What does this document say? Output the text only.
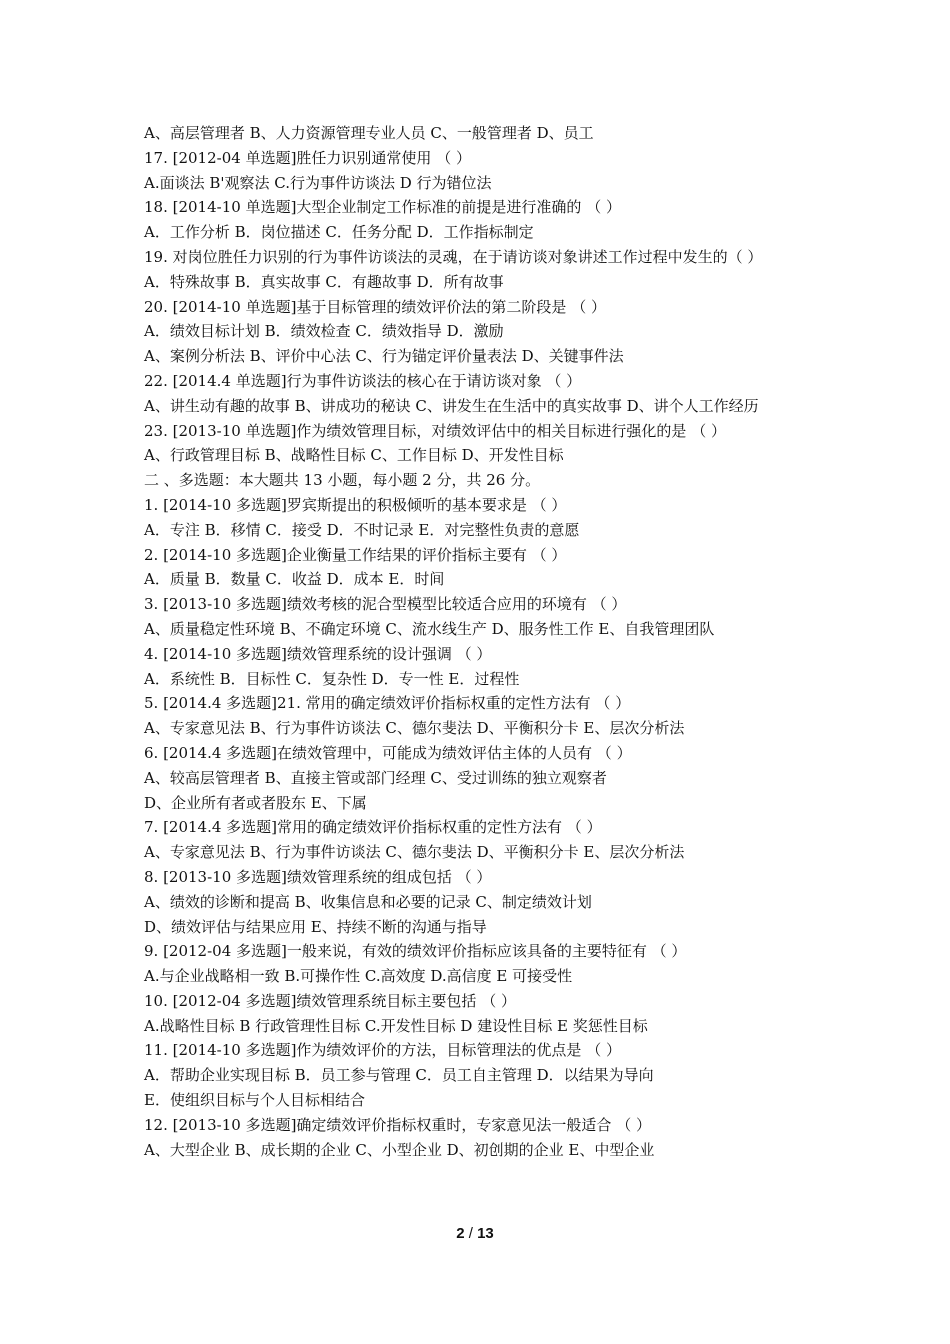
A、高层管理者 B、人力资源管理专业人员 C、一般管理者 D、员工
17. [2012-04 单选题]胜任力识别通常使用 （ ）
A.面谈法 B'观察法 C.行为事件访谈法 D 行为错位法
18. [2014-10 单选题]大型企业制定工作标准的前提是进行准确的 （ ）
A．工作分析 B．岗位描述 C．任务分配 D．工作指标制定
19. 对岗位胜任力识别的行为事件访谈法的灵魂，在于请访谈对象讲述工作过程中发生的（ ）
A．特殊故事 B．真实故事 C．有趣故事 D．所有故事
20. [2014-10 单选题]基于目标管理的绩效评价法的第二阶段是 （ ）
A．绩效目标计划 B．绩效检查 C．绩效指导 D．激励
A、案例分析法 B、评价中心法 C、行为锚定评价量表法 D、关键事件法
22. [2014.4 单选题]行为事件访谈法的核心在于请访谈对象 （ ）
A、讲生动有趣的故事 B、讲成功的秘诀 C、讲发生在生活中的真实故事 D、讲个人工作经历
23. [2013-10 单选题]作为绩效管理目标，对绩效评估中的相关目标进行强化的是 （ ）
A、行政管理目标 B、战略性目标 C、工作目标 D、开发性目标
二 、多选题：本大题共 13 小题，每小题 2 分，共 26 分。
1. [2014-10 多选题]罗宾斯提出的积极倾听的基本要求是 （ ）
A．专注 B．移情 C．接受 D．不时记录 E．对完整性负责的意愿
2. [2014-10 多选题]企业衡量工作结果的评价指标主要有 （ ）
A．质量 B．数量 C．收益 D．成本 E．时间
3. [2013-10 多选题]绩效考核的泥合型模型比较适合应用的环境有 （ ）
A、质量稳定性环境 B、不确定环境 C、流水线生产 D、服务性工作 E、自我管理团队
4. [2014-10 多选题]绩效管理系统的设计强调 （ ）
A．系统性 B．目标性 C．复杂性 D．专一性 E．过程性
5. [2014.4 多选题]21. 常用的确定绩效评价指标权重的定性方法有 （ ）
A、专家意见法 B、行为事件访谈法 C、德尔斐法 D、平衡积分卡 E、层次分析法
6. [2014.4 多选题]在绩效管理中，可能成为绩效评估主体的人员有 （ ）
A、较高层管理者 B、直接主管或部门经理 C、受过训练的独立观察者
D、企业所有者或者股东 E、下属
7. [2014.4 多选题]常用的确定绩效评价指标权重的定性方法有 （ ）
A、专家意见法 B、行为事件访谈法 C、德尔斐法 D、平衡积分卡 E、层次分析法
8. [2013-10 多选题]绩效管理系统的组成包括 （ ）
A、绩效的诊断和提高 B、收集信息和必要的记录 C、制定绩效计划
D、绩效评估与结果应用 E、持续不断的沟通与指导
9. [2012-04 多选题]一般来说，有效的绩效评价指标应该具备的主要特征有 （ ）
A.与企业战略相一致 B.可操作性 C.高效度 D.高信度 E 可接受性
10. [2012-04 多选题]绩效管理系统目标主要包括 （ ）
A.战略性目标 B 行政管理性目标 C.开发性目标 D 建设性目标 E 奖惩性目标
11. [2014-10 多选题]作为绩效评价的方法，目标管理法的优点是 （ ）
A．帮助企业实现目标 B．员工参与管理 C．员工自主管理 D．以结果为导向
E．使组织目标与个人目标相结合
12. [2013-10 多选题]确定绩效评价指标权重时，专家意见法一般适合 （ ）
A、大型企业 B、成长期的企业 C、小型企业 D、初创期的企业 E、中型企业
2 / 13
